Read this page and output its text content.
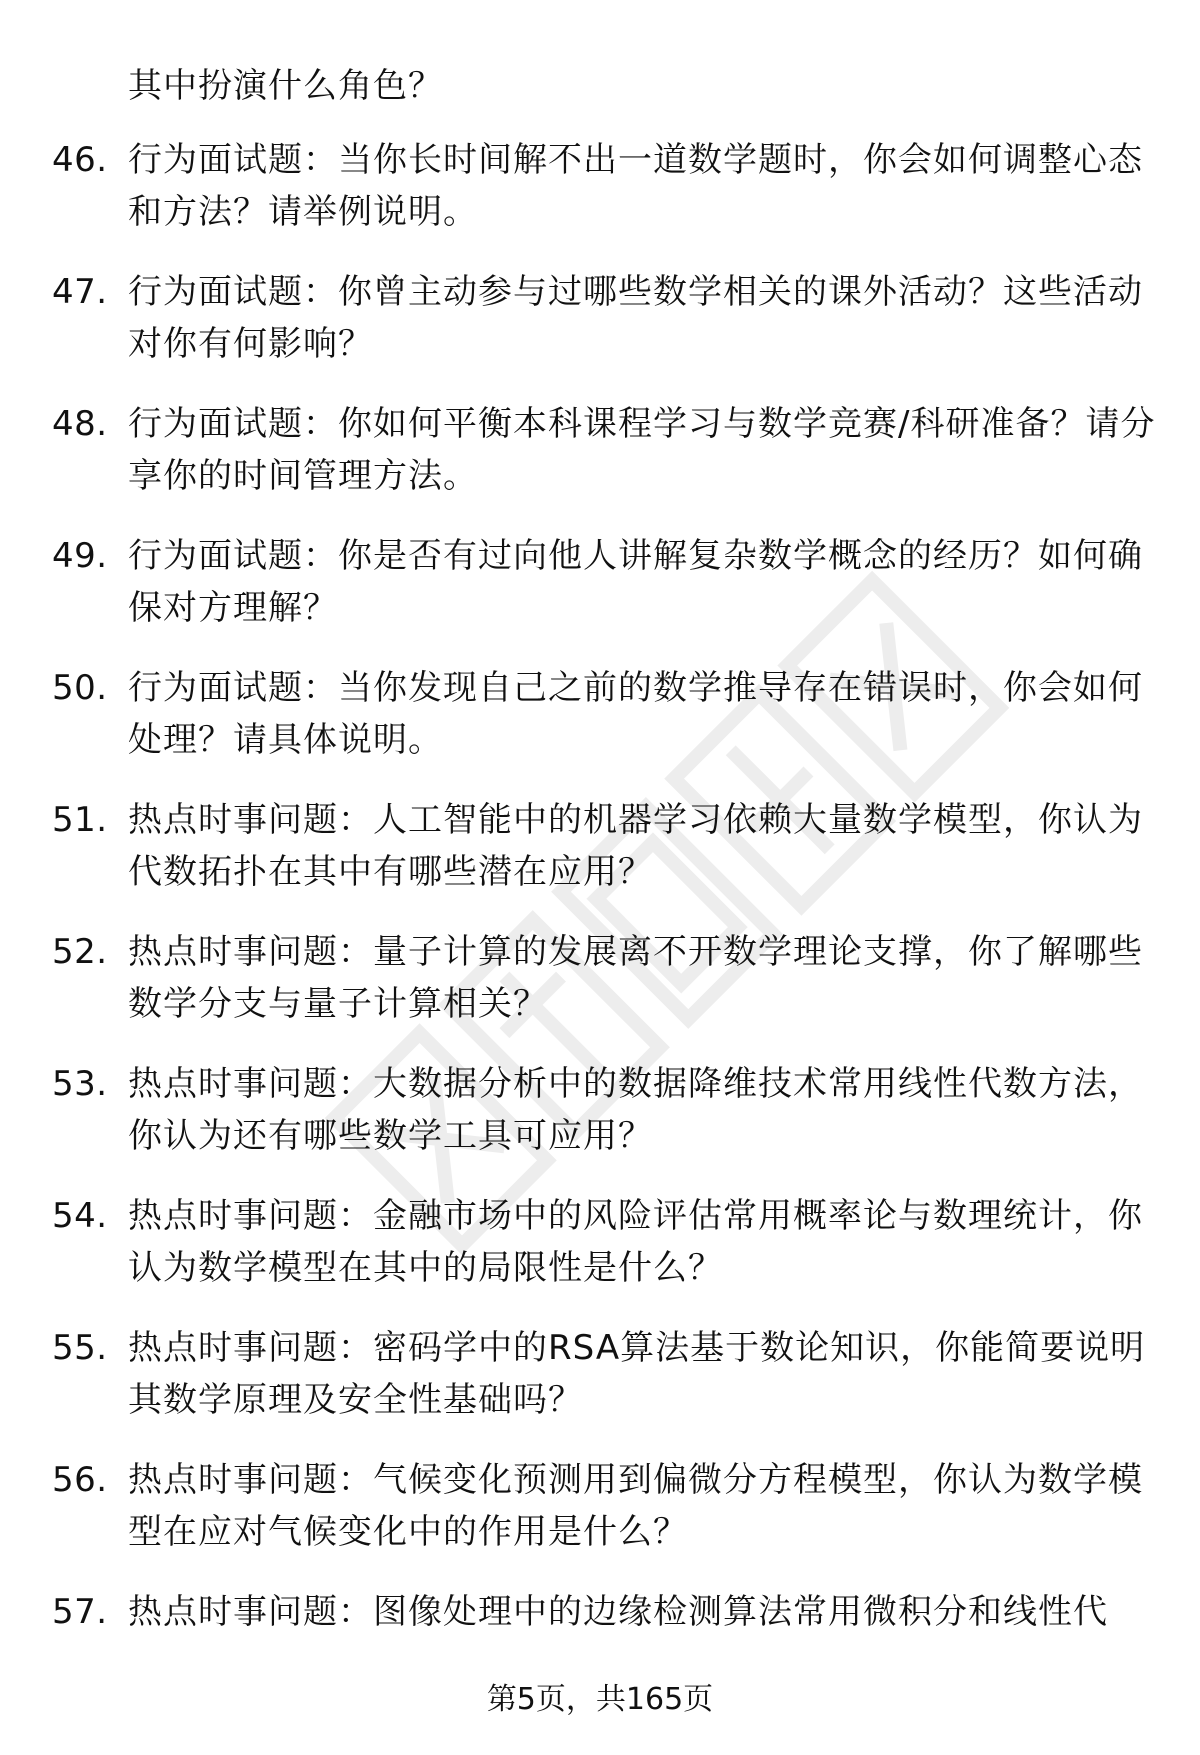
其中扮演什么角色？

46. 行为面试题：当你长时间解不出一道数学题时，你会如何调整心态和方法？请举例说明。

47. 行为面试题：你曾主动参与过哪些数学相关的课外活动？这些活动对你有何影响？

48. 行为面试题：你如何平衡本科课程学习与数学竞赛/科研准备？请分享你的时间管理方法。

49. 行为面试题：你是否有过向他人讲解复杂数学概念的经历？如何确保对方理解？

50. 行为面试题：当你发现自己之前的数学推导存在错误时，你会如何处理？请具体说明。

51. 热点时事问题：人工智能中的机器学习依赖大量数学模型，你认为代数拓扑在其中有哪些潜在应用？

52. 热点时事问题：量子计算的发展离不开数学理论支撑，你了解哪些数学分支与量子计算相关？

53. 热点时事问题：大数据分析中的数据降维技术常用线性代数方法，你认为还有哪些数学工具可应用？

54. 热点时事问题：金融市场中的风险评估常用概率论与数理统计，你认为数学模型在其中的局限性是什么？

55. 热点时事问题：密码学中的RSA算法基于数论知识，你能简要说明其数学原理及安全性基础吗？

56. 热点时事问题：气候变化预测用到偏微分方程模型，你认为数学模型在应对气候变化中的作用是什么？

57. 热点时事问题：图像处理中的边缘检测算法常用微积分和线性代

第5页，共165页
